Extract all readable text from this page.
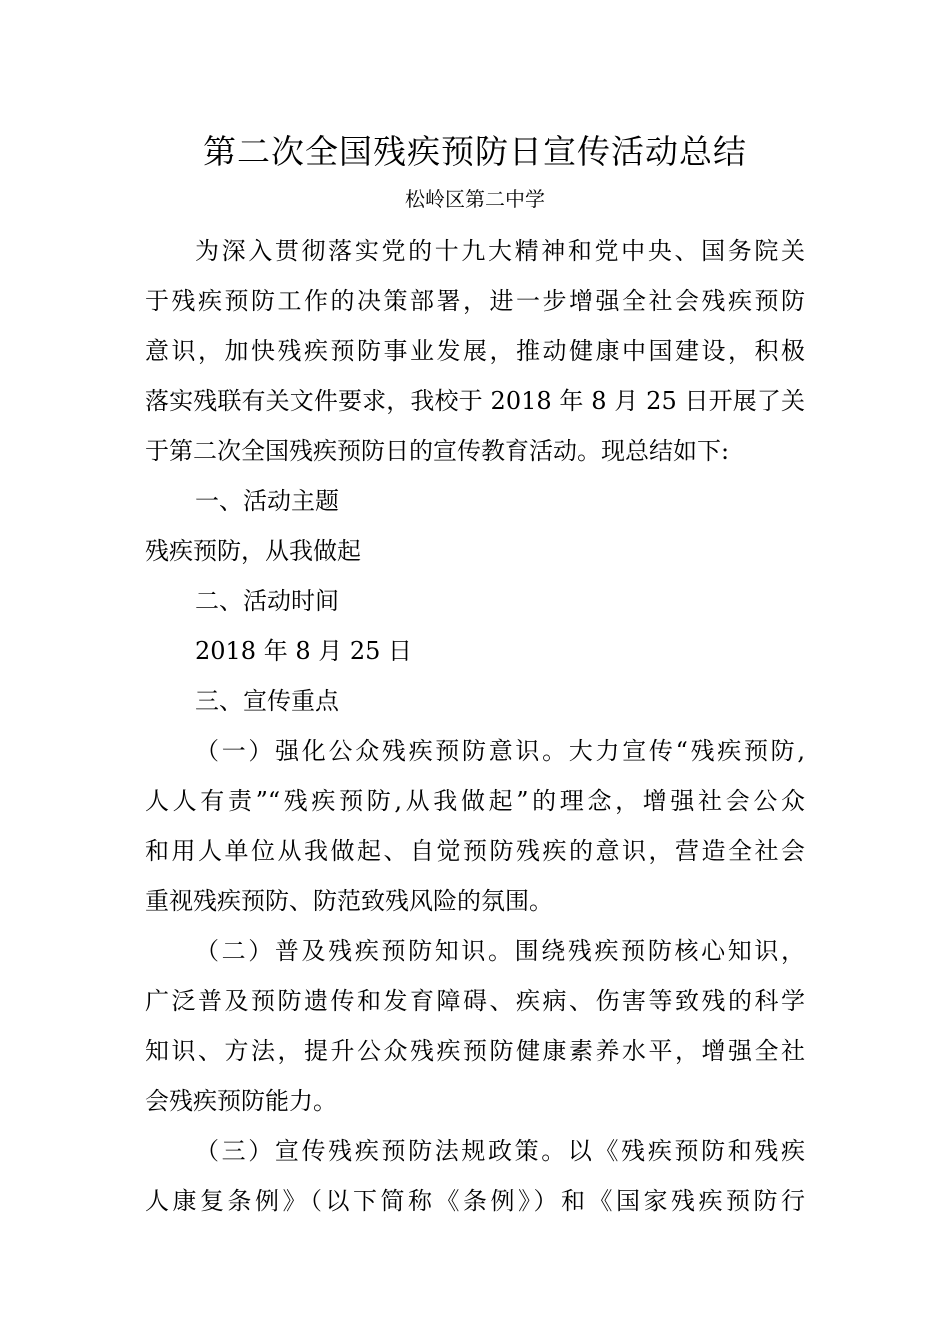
第二次全国残疾预防日宣传活动总结
松岭区第二中学
为深入贯彻落实党的十九大精神和党中央、国务院关
于残疾预防工作的决策部署，进一步增强全社会残疾预防
意识，加快残疾预防事业发展，推动健康中国建设，积极
落实残联有关文件要求，我校于 2018 年 8 月 25 日开展了关
于第二次全国残疾预防日的宣传教育活动。现总结如下:
一、活动主题
残疾预防，从我做起
二、活动时间
2018 年 8 月 25 日
三、宣传重点
（一）强化公众残疾预防意识。大力宣传“残疾预防,
人人有责”“残疾预防,从我做起”的理念，增强社会公众
和用人单位从我做起、自觉预防残疾的意识，营造全社会
重视残疾预防、防范致残风险的氛围。
（二）普及残疾预防知识。围绕残疾预防核心知识，
广泛普及预防遗传和发育障碍、疾病、伤害等致残的科学
知识、方法，提升公众残疾预防健康素养水平，增强全社
会残疾预防能力。
（三）宣传残疾预防法规政策。以《残疾预防和残疾
人康复条例》（以下简称《条例》）和《国家残疾预防行
